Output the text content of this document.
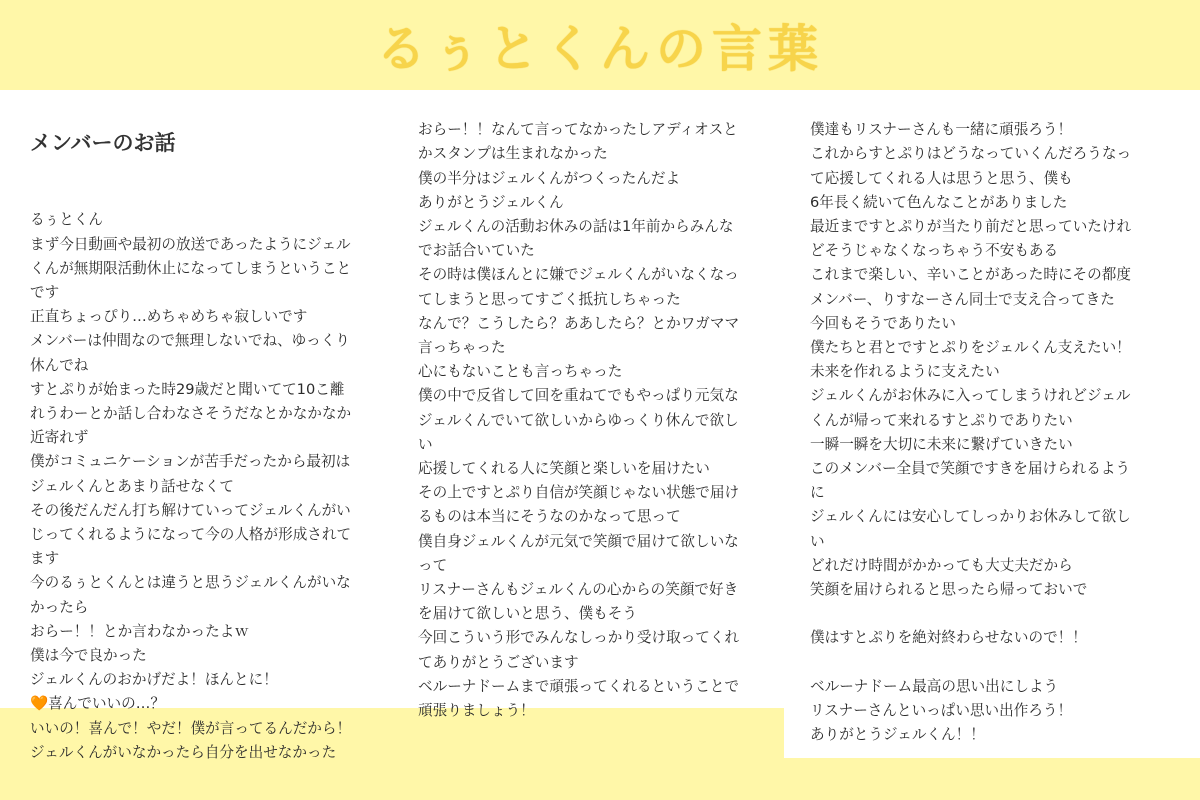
るぅとくんの言葉

メンバーのお話

るぅとくん
まず今日動画や最初の放送であったようにジェル
くんが無期限活動休止になってしまうということ
です
正直ちょっぴり…めちゃめちゃ寂しいです
メンバーは仲間なので無理しないでね、ゆっくり
休んでね
すとぷりが始まった時29歳だと聞いてて10こ離
れうわーとか話し合わなさそうだなとかなかなか
近寄れず
僕がコミュニケーションが苦手だったから最初は
ジェルくんとあまり話せなくて
その後だんだん打ち解けていってジェルくんがい
じってくれるようになって今の人格が形成されて
ます
今のるぅとくんとは違うと思うジェルくんがいな
かったら
おらー！！とか言わなかったよｗ
僕は今で良かった
ジェルくんのおかげだよ！ほんとに！
🧡喜んでいいの…？
いいの！喜んで！やだ！僕が言ってるんだから！
ジェルくんがいなかったら自分を出せなかった

おらー！！なんて言ってなかったしアディオスと
かスタンプは生まれなかった
僕の半分はジェルくんがつくったんだよ
ありがとうジェルくん
ジェルくんの活動お休みの話は1年前からみんな
でお話合いていた
その時は僕ほんとに嫌でジェルくんがいなくなっ
てしまうと思ってすごく抵抗しちゃった
なんで？こうしたら？ああしたら？とかワガママ
言っちゃった
心にもないことも言っちゃった
僕の中で反省して回を重ねてでもやっぱり元気な
ジェルくんでいて欲しいからゆっくり休んで欲し
い
応援してくれる人に笑顔と楽しいを届けたい
その上ですとぷり自信が笑顔じゃない状態で届け
るものは本当にそうなのかなって思って
僕自身ジェルくんが元気で笑顔で届けて欲しいな
って
リスナーさんもジェルくんの心からの笑顔で好き
を届けて欲しいと思う、僕もそう
今回こういう形でみんなしっかり受け取ってくれ
てありがとうございます
ベルーナドームまで頑張ってくれるということで
頑張りましょう！

僕達もリスナーさんも一緒に頑張ろう！
これからすとぷりはどうなっていくんだろうなっ
て応援してくれる人は思うと思う、僕も
6年長く続いて色んなことがありました
最近まですとぷりが当たり前だと思っていたけれ
どそうじゃなくなっちゃう不安もある
これまで楽しい、辛いことがあった時にその都度
メンバー、りすなーさん同士で支え合ってきた
今回もそうでありたい
僕たちと君とですとぷりをジェルくん支えたい！
未来を作れるように支えたい
ジェルくんがお休みに入ってしまうけれどジェル
くんが帰って来れるすとぷりでありたい
一瞬一瞬を大切に未来に繋げていきたい
このメンバー全員で笑顔ですきを届けられるよう
に
ジェルくんには安心してしっかりお休みして欲し
い
どれだけ時間がかかっても大丈夫だから
笑顔を届けられると思ったら帰っておいで

僕はすとぷりを絶対終わらせないので！！

ベルーナドーム最高の思い出にしよう
リスナーさんといっぱい思い出作ろう！
ありがとうジェルくん！！
